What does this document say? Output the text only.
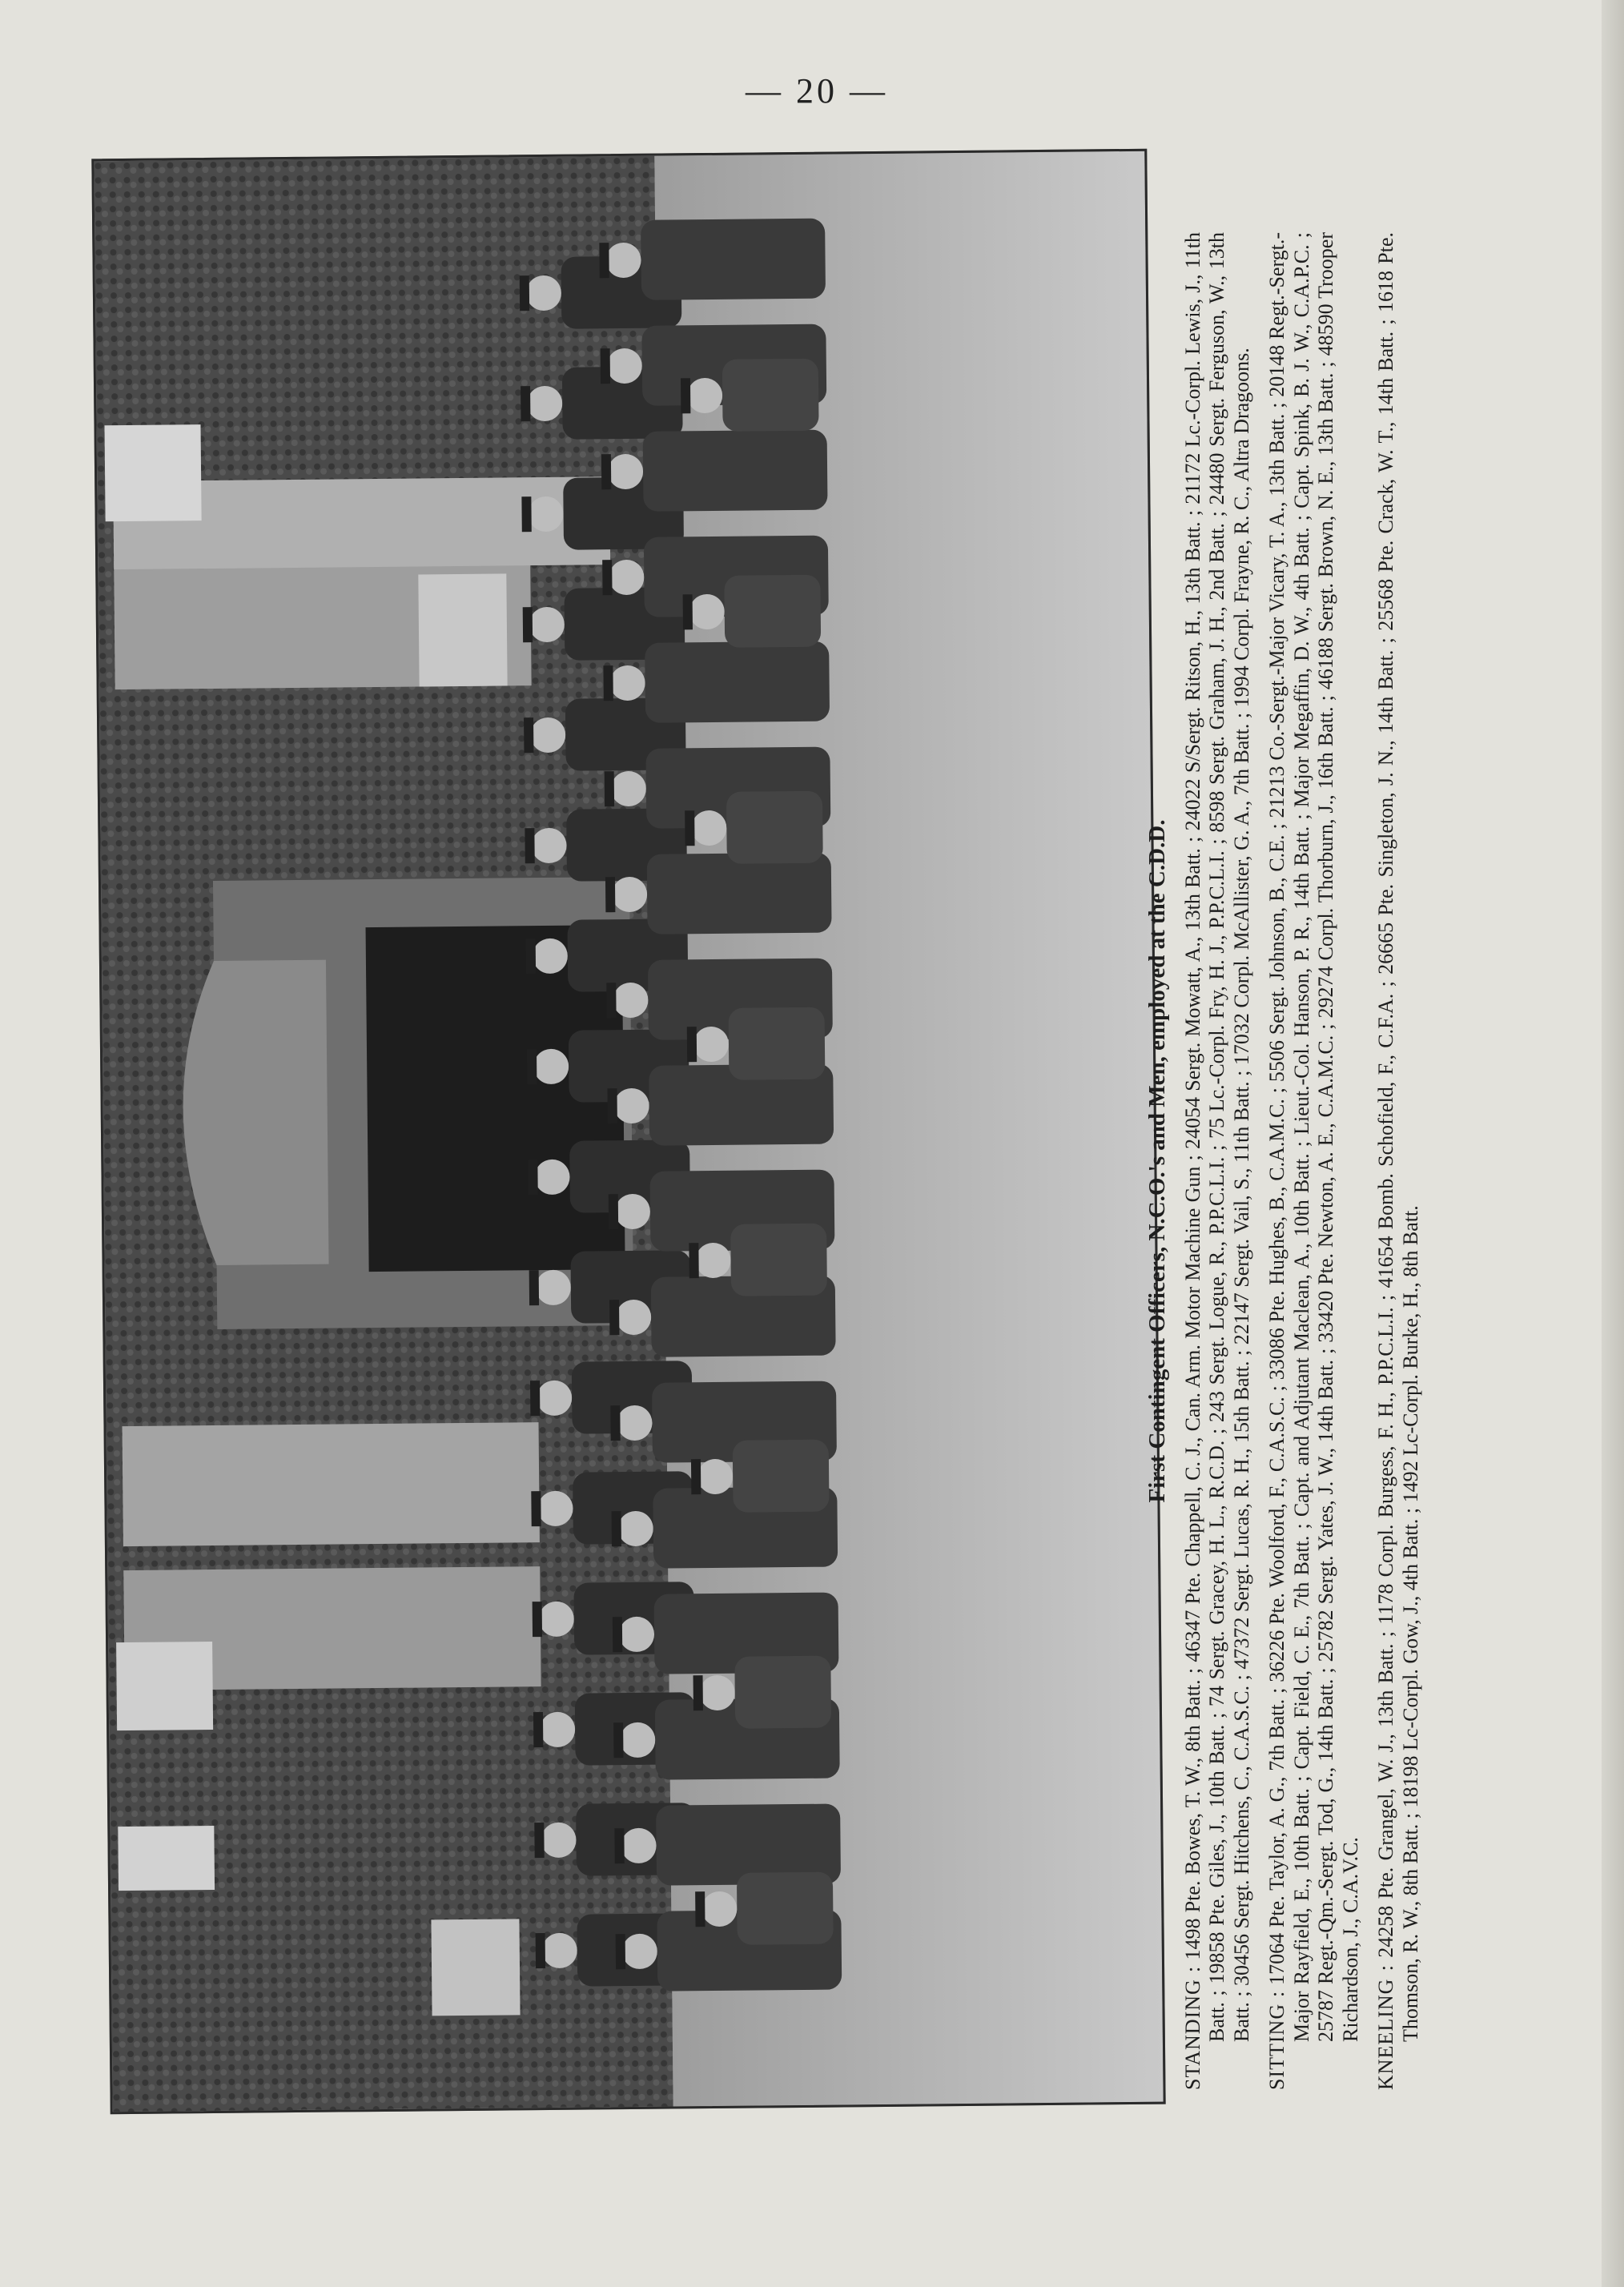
— 20 —
First Contingent Officers, N.C.O.'s and Men, employed at the C.D.D.

STANDING : 1498 Pte. Bowes, T. W., 8th Batt. ; 46347 Pte. Chappell, C. J., Can. Arm. Motor Machine Gun ; 24054 Sergt. Mowatt, A., 13th Batt. ; 24022 S/Sergt. Ritson, H., 13th Batt. ; 21172 Lc.-Corpl. Lewis, J., 11th Batt. ; 19858 Pte. Giles, J., 10th Batt. ; 74 Sergt. Gracey, H. L., R.C.D. ; 243 Sergt. Logue, R., P.P.C.L.I. ; 75 Lc.-Corpl. Fry, H. J., P.P.C.L.I. ; 8598 Sergt. Graham, J. H., 2nd Batt. ; 24480 Sergt. Ferguson, W., 13th Batt. ; 30456 Sergt. Hitchens, C., C.A.S.C. ; 47372 Sergt. Lucas, R. H., 15th Batt. ; 22147 Sergt. Vail, S., 11th Batt. ; 17032 Corpl. McAllister, G. A., 7th Batt. ; 1994 Corpl. Frayne, R. C., Altra Dragoons. SITTING : 17064 Pte. Taylor, A. G., 7th Batt. ; 36226 Pte. Woolford, F., C.A.S.C. ; 33086 Pte. Hughes, B., C.A.M.C. ; 5506 Sergt. Johnson, B., C.E. ; 21213 Co.-Sergt.-Major Vicary, T. A., 13th Batt. ; 20148 Regt.-Sergt.-Major Rayfield, E., 10th Batt. ; Capt. Field, C. E., 7th Batt. ; Capt. and Adjutant Maclean, A., 10th Batt. ; Lieut.-Col. Hanson, P. R., 14th Batt. ; Major Megaffin, D. W., 4th Batt. ; Capt. Spink, B. J. W., C.A.P.C. ; 25787 Regt.-Qm.-Sergt. Tod, G., 14th Batt. ; 25782 Sergt. Yates, J. W., 14th Batt. ; 33420 Pte. Newton, A. E., C.A.M.C. ; 29274 Corpl. Thorburn, J., 16th Batt. ; 46188 Sergt. Brown, N. E., 13th Batt. ; 48590 Trooper Richardson, J., C.A.V.C. KNEELING : 24258 Pte. Grangel, W. J., 13th Batt. ; 1178 Corpl. Burgess, F. H., P.P.C.L.I. ; 41654 Bomb. Schofield, F., C.F.A. ; 26665 Pte. Singleton, J. N., 14th Batt. ; 25568 Pte. Crack, W. T., 14th Batt. ; 1618 Pte. Thomson, R. W., 8th Batt. ; 18198 Lc-Corpl. Gow, J., 4th Batt. ; 1492 Lc-Corpl. Burke, H., 8th Batt.
